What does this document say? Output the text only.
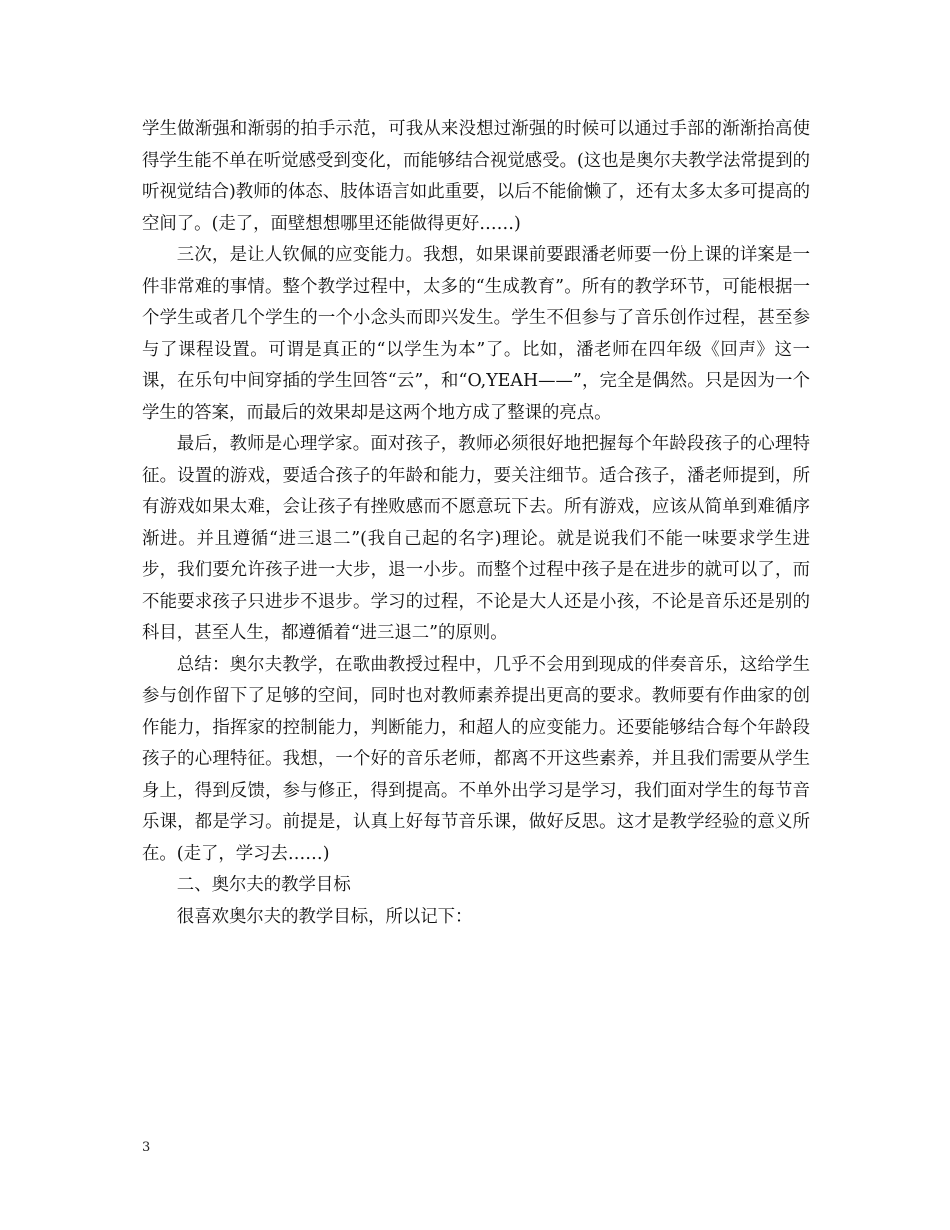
学生做渐强和渐弱的拍手示范，可我从来没想过渐强的时候可以通过手部的渐渐抬高使得学生能不单在听觉感受到变化，而能够结合视觉感受。(这也是奥尔夫教学法常提到的听视觉结合)教师的体态、肢体语言如此重要，以后不能偷懒了，还有太多太多可提高的空间了。(走了，面壁想想哪里还能做得更好……)

三次，是让人钦佩的应变能力。我想，如果课前要跟潘老师要一份上课的详案是一件非常难的事情。整个教学过程中，太多的“生成教育”。所有的教学环节，可能根据一个学生或者几个学生的一个小念头而即兴发生。学生不但参与了音乐创作过程，甚至参与了课程设置。可谓是真正的“以学生为本”了。比如，潘老师在四年级《回声》这一课，在乐句中间穿插的学生回答“云”，和“O,YEAH——”，完全是偶然。只是因为一个学生的答案，而最后的效果却是这两个地方成了整课的亮点。

最后，教师是心理学家。面对孩子，教师必须很好地把握每个年龄段孩子的心理特征。设置的游戏，要适合孩子的年龄和能力，要关注细节。适合孩子，潘老师提到，所有游戏如果太难，会让孩子有挫败感而不愿意玩下去。所有游戏，应该从简单到难循序渐进。并且遵循“进三退二”(我自己起的名字)理论。就是说我们不能一味要求学生进步，我们要允许孩子进一大步，退一小步。而整个过程中孩子是在进步的就可以了，而不能要求孩子只进步不退步。学习的过程，不论是大人还是小孩，不论是音乐还是别的科目，甚至人生，都遵循着“进三退二”的原则。

总结：奥尔夫教学，在歌曲教授过程中，几乎不会用到现成的伴奏音乐，这给学生参与创作留下了足够的空间，同时也对教师素养提出更高的要求。教师要有作曲家的创作能力，指挥家的控制能力，判断能力，和超人的应变能力。还要能够结合每个年龄段孩子的心理特征。我想，一个好的音乐老师，都离不开这些素养，并且我们需要从学生身上，得到反馈，参与修正，得到提高。不单外出学习是学习，我们面对学生的每节音乐课，都是学习。前提是，认真上好每节音乐课，做好反思。这才是教学经验的意义所在。(走了，学习去……)

二、奥尔夫的教学目标

很喜欢奥尔夫的教学目标，所以记下：

3
